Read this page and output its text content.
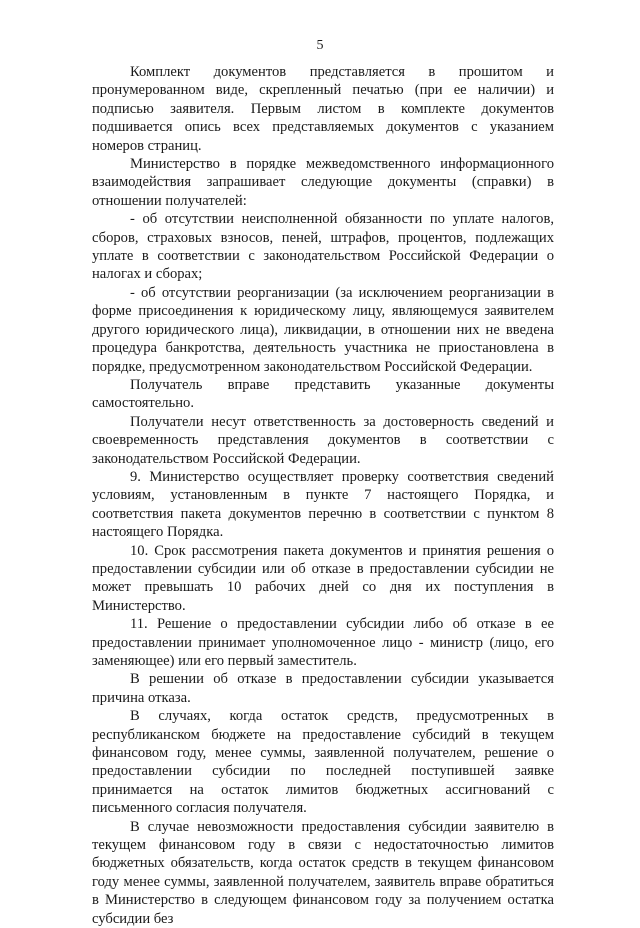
5

Комплект документов представляется в прошитом и пронумерованном виде, скрепленный печатью (при ее наличии) и подписью заявителя. Первым листом в комплекте документов подшивается опись всех представляемых документов с указанием номеров страниц.

Министерство в порядке межведомственного информационного взаимодействия запрашивает следующие документы (справки) в отношении получателей:

- об отсутствии неисполненной обязанности по уплате налогов, сборов, страховых взносов, пеней, штрафов, процентов, подлежащих уплате в соответствии с законодательством Российской Федерации о налогах и сборах;

- об отсутствии реорганизации (за исключением реорганизации в форме присоединения к юридическому лицу, являющемуся заявителем другого юридического лица), ликвидации, в отношении них не введена процедура банкротства, деятельность участника не приостановлена в порядке, предусмотренном законодательством Российской Федерации.

Получатель вправе представить указанные документы самостоятельно.

Получатели несут ответственность за достоверность сведений и своевременность представления документов в соответствии с законодательством Российской Федерации.

9. Министерство осуществляет проверку соответствия сведений условиям, установленным в пункте 7 настоящего Порядка, и соответствия пакета документов перечню в соответствии с пунктом 8 настоящего Порядка.

10. Срок рассмотрения пакета документов и принятия решения о предоставлении субсидии или об отказе в предоставлении субсидии не может превышать 10 рабочих дней со дня их поступления в Министерство.

11. Решение о предоставлении субсидии либо об отказе в ее предоставлении принимает уполномоченное лицо - министр (лицо, его заменяющее) или его первый заместитель.

В решении об отказе в предоставлении субсидии указывается причина отказа.

В случаях, когда остаток средств, предусмотренных в республиканском бюджете на предоставление субсидий в текущем финансовом году, менее суммы, заявленной получателем, решение о предоставлении субсидии по последней поступившей заявке принимается на остаток лимитов бюджетных ассигнований с письменного согласия получателя.

В случае невозможности предоставления субсидии заявителю в текущем финансовом году в связи с недостаточностью лимитов бюджетных обязательств, когда остаток средств в текущем финансовом году менее суммы, заявленной получателем, заявитель вправе обратиться в Министерство в следующем финансовом году за получением остатка субсидии без
